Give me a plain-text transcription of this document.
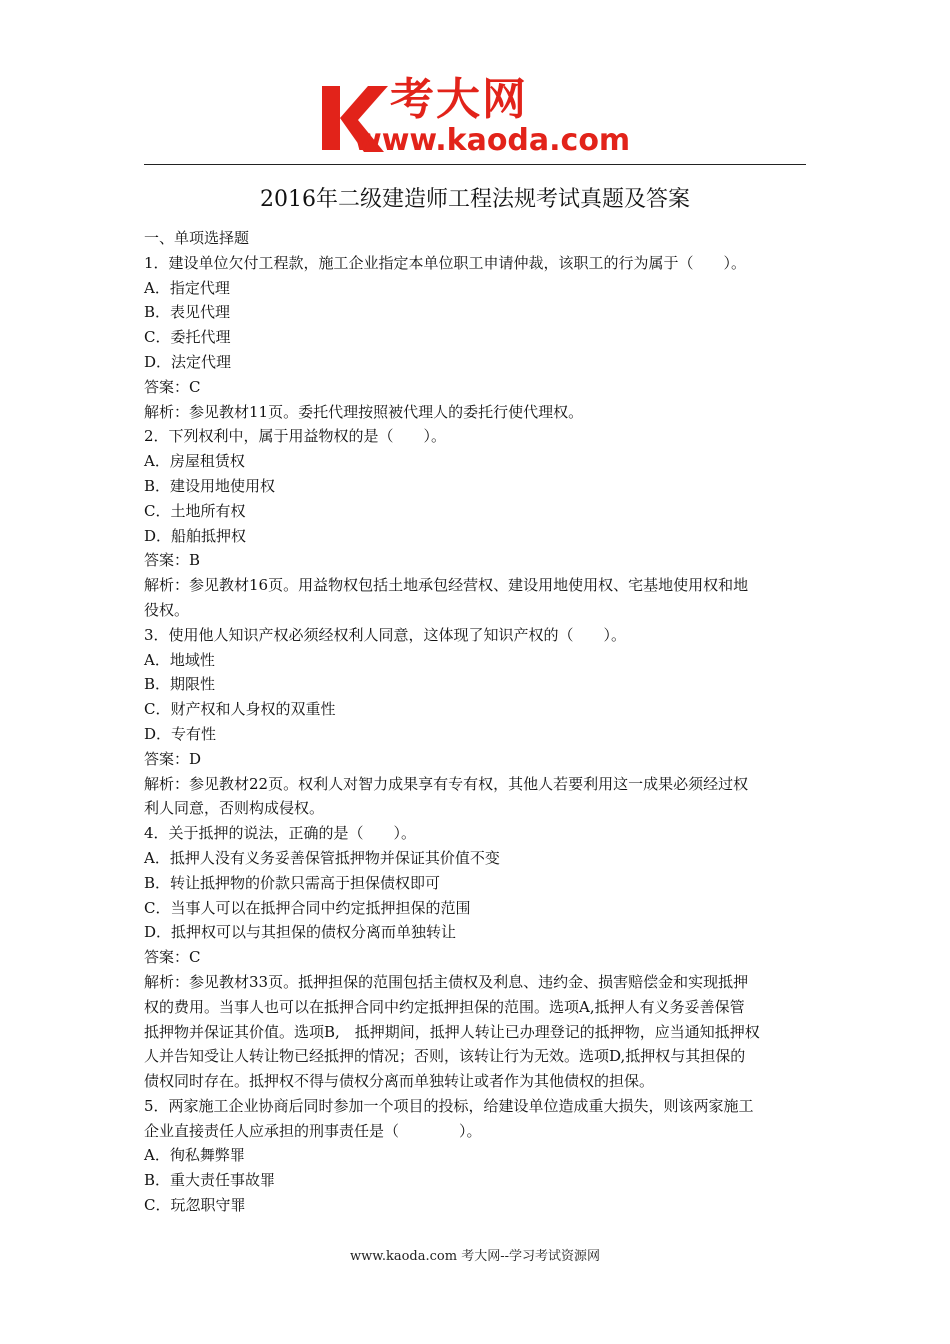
考大网
www.kaoda.com
2016年二级建造师工程法规考试真题及答案

一、单项选择题

1．建设单位欠付工程款，施工企业指定本单位职工申请仲裁，该职工的行为属于（　　）。

A．指定代理

B．表见代理

C．委托代理

D．法定代理

答案：C

解析：参见教材11页。委托代理按照被代理人的委托行使代理权。

2．下列权利中，属于用益物权的是（　　）。

A．房屋租赁权

B．建设用地使用权

C．土地所有权

D．船舶抵押权

答案：B

解析：参见教材16页。用益物权包括土地承包经营权、建设用地使用权、宅基地使用权和地

役权。

3．使用他人知识产权必须经权利人同意，这体现了知识产权的（　　）。

A．地域性

B．期限性

C．财产权和人身权的双重性

D．专有性

答案：D

解析：参见教材22页。权利人对智力成果享有专有权，其他人若要利用这一成果必须经过权

利人同意，否则构成侵权。

4．关于抵押的说法，正确的是（　　）。

A．抵押人没有义务妥善保管抵押物并保证其价值不变

B．转让抵押物的价款只需高于担保债权即可

C．当事人可以在抵押合同中约定抵押担保的范围

D．抵押权可以与其担保的债权分离而单独转让

答案：C

解析：参见教材33页。抵押担保的范围包括主债权及利息、违约金、损害赔偿金和实现抵押

权的费用。当事人也可以在抵押合同中约定抵押担保的范围。选项A,抵押人有义务妥善保管

抵押物并保证其价值。选项B,　抵押期间，抵押人转让已办理登记的抵押物，应当通知抵押权

人并告知受让人转让物已经抵押的情况；否则，该转让行为无效。选项D,抵押权与其担保的

债权同时存在。抵押权不得与债权分离而单独转让或者作为其他债权的担保。

5．两家施工企业协商后同时参加一个项目的投标，给建设单位造成重大损失，则该两家施工

企业直接责任人应承担的刑事责任是（　　　　）。

A．徇私舞弊罪

B．重大责任事故罪

C．玩忽职守罪

www.kaoda.com 考大网--学习考试资源网
